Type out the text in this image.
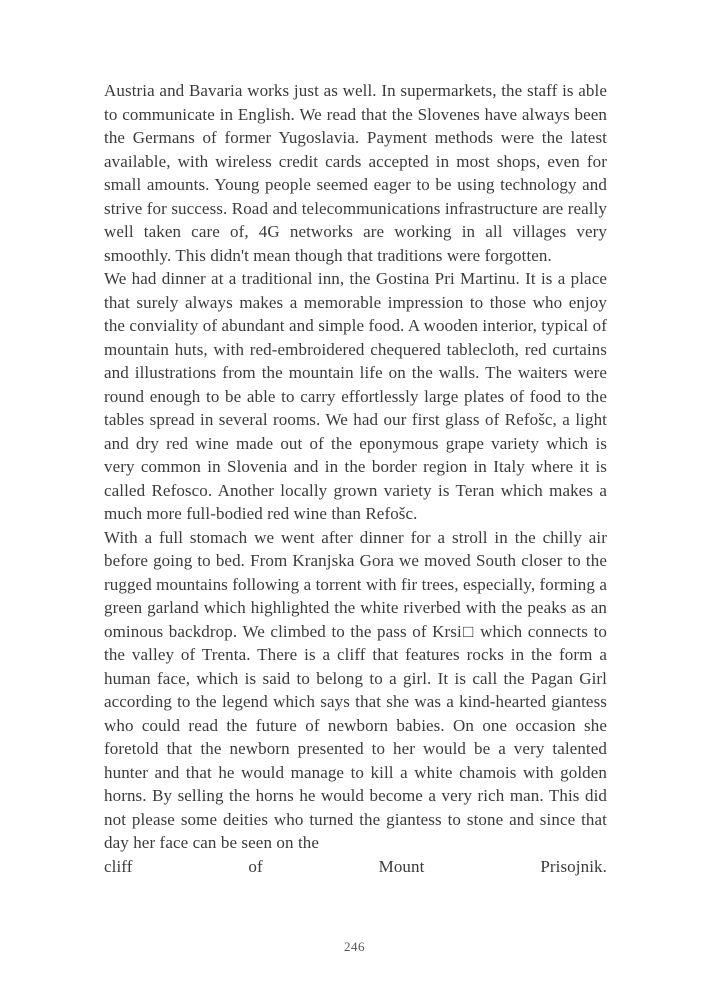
Austria and Bavaria works just as well. In supermarkets, the staff is able to communicate in English. We read that the Slovenes have always been the Germans of former Yugoslavia. Payment methods were the latest available, with wireless credit cards accepted in most shops, even for small amounts. Young people seemed eager to be using technology and strive for success. Road and telecommunications infrastructure are really well taken care of, 4G networks are working in all villages very smoothly. This didn't mean though that traditions were forgotten.

We had dinner at a traditional inn, the Gostina Pri Martinu. It is a place that surely always makes a memorable impression to those who enjoy the conviality of abundant and simple food. A wooden interior, typical of mountain huts, with red-embroidered chequered tablecloth, red curtains and illustrations from the mountain life on the walls. The waiters were round enough to be able to carry effortlessly large plates of food to the tables spread in several rooms. We had our first glass of Refošc, a light and dry red wine made out of the eponymous grape variety which is very common in Slovenia and in the border region in Italy where it is called Refosco. Another locally grown variety is Teran which makes a much more full-bodied red wine than Refošc.

With a full stomach we went after dinner for a stroll in the chilly air before going to bed. From Kranjska Gora we moved South closer to the rugged mountains following a torrent with fir trees, especially, forming a green garland which highlighted the white riverbed with the peaks as an ominous backdrop. We climbed to the pass of Krsi□ which connects to the valley of Trenta. There is a cliff that features rocks in the form a human face, which is said to belong to a girl. It is call the Pagan Girl according to the legend which says that she was a kind-hearted giantess who could read the future of newborn babies. On one occasion she foretold that the newborn presented to her would be a very talented hunter and that he would manage to kill a white chamois with golden horns. By selling the horns he would become a very rich man. This did not please some deities who turned the giantess to stone and since that day her face can be seen on the

cliff	of	Mount	Prisojnik.
246
